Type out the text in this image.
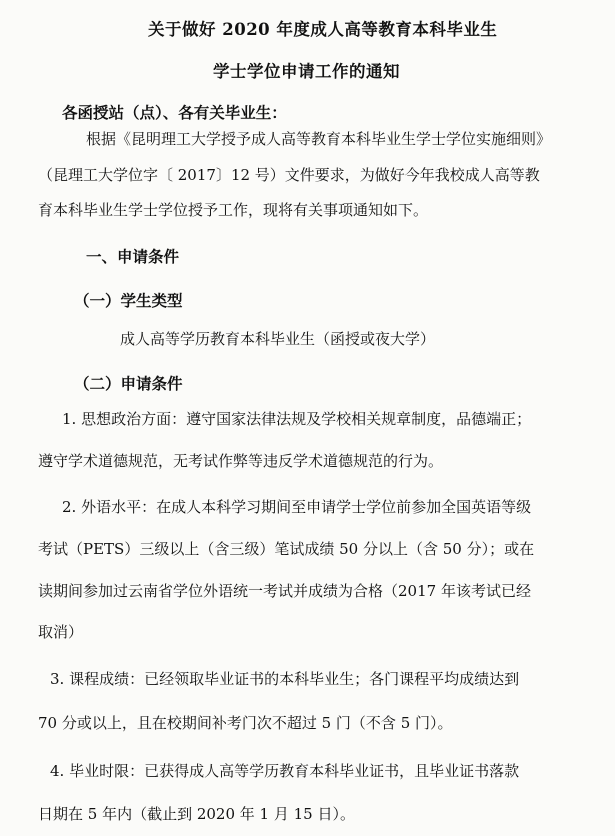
关于做好 2020 年度成人高等教育本科毕业生
学士学位申请工作的通知
各函授站（点）、各有关毕业生：
根据《昆明理工大学授予成人高等教育本科毕业生学士学位实施细则》
（昆理工大学位字〔 2017〕12 号）文件要求，为做好今年我校成人高等教
育本科毕业生学士学位授予工作，现将有关事项通知如下。
一、申请条件
（一）学生类型
成人高等学历教育本科毕业生（函授或夜大学）
（二）申请条件
1. 思想政治方面：遵守国家法律法规及学校相关规章制度，品德端正；
遵守学术道德规范，无考试作弊等违反学术道德规范的行为。
2. 外语水平：在成人本科学习期间至申请学士学位前参加全国英语等级
考试（PETS）三级以上（含三级）笔试成绩 50 分以上（含 50 分）；或在
读期间参加过云南省学位外语统一考试并成绩为合格（2017 年该考试已经
取消）
3. 课程成绩：已经领取毕业证书的本科毕业生；各门课程平均成绩达到
70 分或以上，且在校期间补考门次不超过 5 门（不含 5 门）。
4. 毕业时限：已获得成人高等学历教育本科毕业证书，且毕业证书落款
日期在 5 年内（截止到 2020 年 1 月 15 日）。
